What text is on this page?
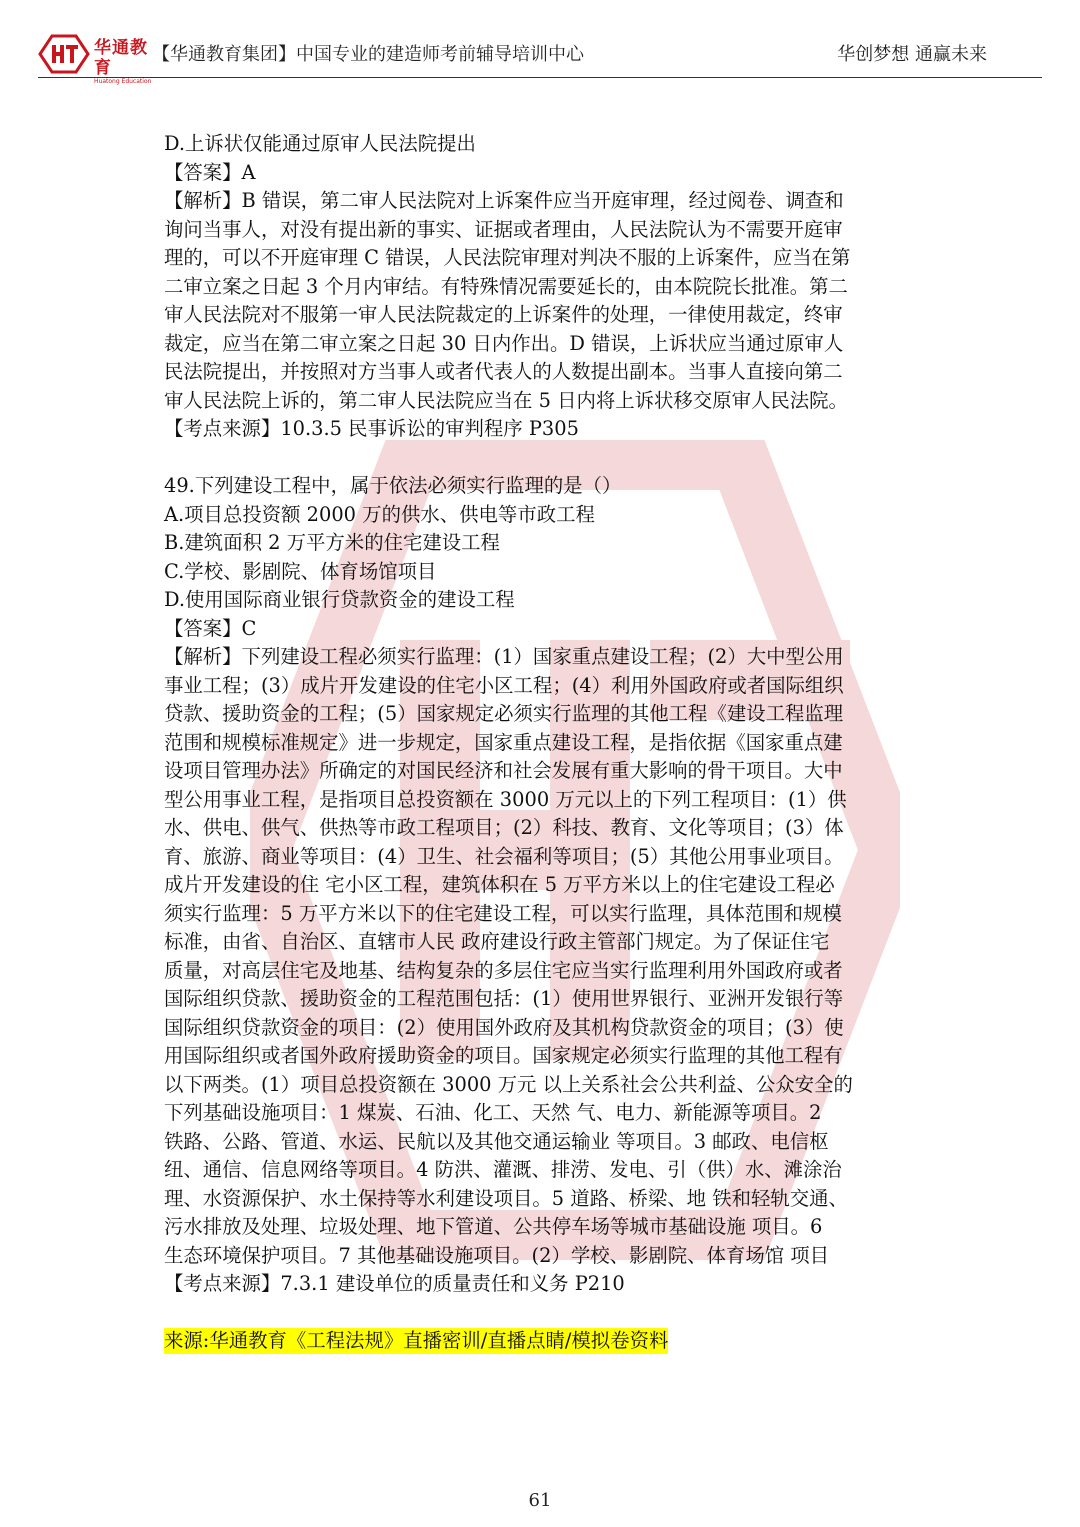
华通教育
Huatong Education
【华通教育集团】中国专业的建造师考前辅导培训中心	华创梦想 通赢未来
D.上诉状仅能通过原审人民法院提出
【答案】A
【解析】B 错误，第二审人民法院对上诉案件应当开庭审理，经过阅卷、调查和
询问当事人，对没有提出新的事实、证据或者理由，人民法院认为不需要开庭审
理的，可以不开庭审理 C 错误，人民法院审理对判决不服的上诉案件，应当在第
二审立案之日起 3 个月内审结。有特殊情况需要延长的，由本院院长批准。第二
审人民法院对不服第一审人民法院裁定的上诉案件的处理，一律使用裁定，终审
裁定，应当在第二审立案之日起 30 日内作出。D 错误，上诉状应当通过原审人
民法院提出，并按照对方当事人或者代表人的人数提出副本。当事人直接向第二
审人民法院上诉的，第二审人民法院应当在 5 日内将上诉状移交原审人民法院。
【考点来源】10.3.5 民事诉讼的审判程序 P305
49.下列建设工程中，属于依法必须实行监理的是（）
A.项目总投资额 2000 万的供水、供电等市政工程
B.建筑面积 2 万平方米的住宅建设工程
C.学校、影剧院、体育场馆项目
D.使用国际商业银行贷款资金的建设工程
【答案】C
【解析】下列建设工程必须实行监理：(1）国家重点建设工程；(2）大中型公用
事业工程；(3）成片开发建设的住宅小区工程；(4）利用外国政府或者国际组织
贷款、援助资金的工程；(5）国家规定必须实行监理的其他工程《建设工程监理
范围和规模标准规定》进一步规定，国家重点建设工程，是指依据《国家重点建
设项目管理办法》所确定的对国民经济和社会发展有重大影响的骨干项目。大中
型公用事业工程，是指项目总投资额在 3000 万元以上的下列工程项目：(1）供
水、供电、供气、供热等市政工程项目；(2）科技、教育、文化等项目；(3）体
育、旅游、商业等项目：(4）卫生、社会福利等项目；(5）其他公用事业项目。
成片开发建设的住 宅小区工程，建筑体积在 5 万平方米以上的住宅建设工程必
须实行监理：5 万平方米以下的住宅建设工程，可以实行监理，具体范围和规模
标准，由省、自治区、直辖市人民 政府建设行政主管部门规定。为了保证住宅
质量，对高层住宅及地基、结构复杂的多层住宅应当实行监理利用外国政府或者
国际组织贷款、援助资金的工程范围包括：(1）使用世界银行、亚洲开发银行等
国际组织贷款资金的项目：(2）使用国外政府及其机构贷款资金的项目；(3）使
用国际组织或者国外政府援助资金的项目。国家规定必须实行监理的其他工程有
以下两类。(1）项目总投资额在 3000 万元 以上关系社会公共利益、公众安全的
下列基础设施项目：1 煤炭、石油、化工、天然 气、电力、新能源等项目。2
铁路、公路、管道、水运、民航以及其他交通运输业 等项目。3 邮政、电信枢
纽、通信、信息网络等项目。4 防洪、灌溉、排涝、发电、引（供）水、滩涂治
理、水资源保护、水土保持等水利建设项目。5 道路、桥梁、地 铁和轻轨交通、
污水排放及处理、垃圾处理、地下管道、公共停车场等城市基础设施 项目。6
生态环境保护项目。7 其他基础设施项目。(2）学校、影剧院、体育场馆 项目
【考点来源】7.3.1 建设单位的质量责任和义务 P210
来源:华通教育《工程法规》直播密训/直播点睛/模拟卷资料
61
